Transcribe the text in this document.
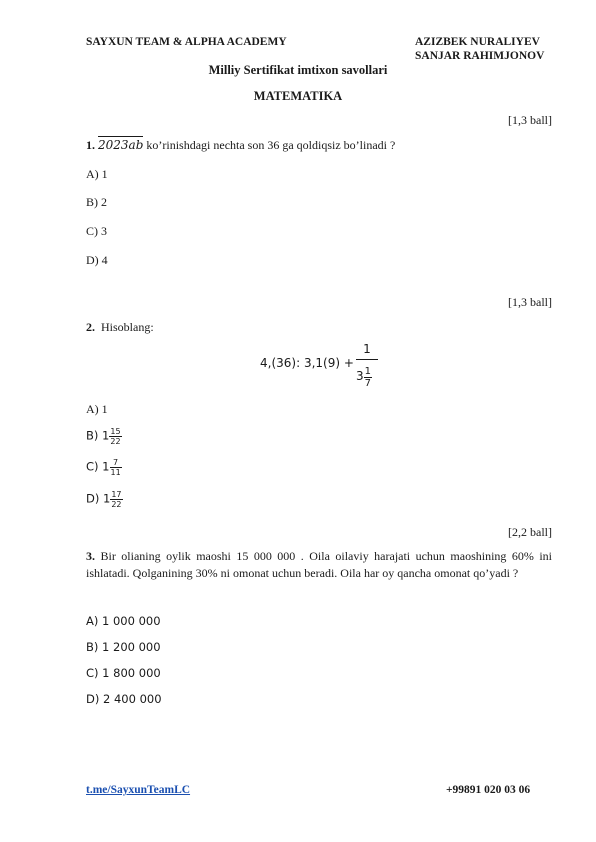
SAYXUN TEAM & ALPHA ACADEMY	AZIZBEK NURALIYEV
SANJAR RAHIMJONOV
Milliy Sertifikat imtixon savollari
MATEMATIKA
[1,3 ball]
1. 2023ab ko’rinishdagi nechta son 36 ga qoldiqsiz bo’linadi ?
A) 1
B) 2
C) 3
D) 4
[1,3 ball]
2. Hisoblang:
4,(36): 3,1(9) +
1
$3 \frac{1}{7}$
A) 1
B) $1 \frac{15}{22}$
C) $1 \frac{7}{11}$
D) $1 \frac{17}{22}$
[2,2 ball]
3. Bir olianing oylik maoshi 15 000 000 . Oila oilaviy harajati uchun maoshining 60% ini ishlatadi. Qolganining 30% ni omonat uchun beradi. Oila har oy qancha omonat qo’yadi ?
A) 1 000 000
B) 1 200 000
C) 1 800 000
D) 2 400 000
t.me/SayxunTeamLC	+99891 020 03 06
